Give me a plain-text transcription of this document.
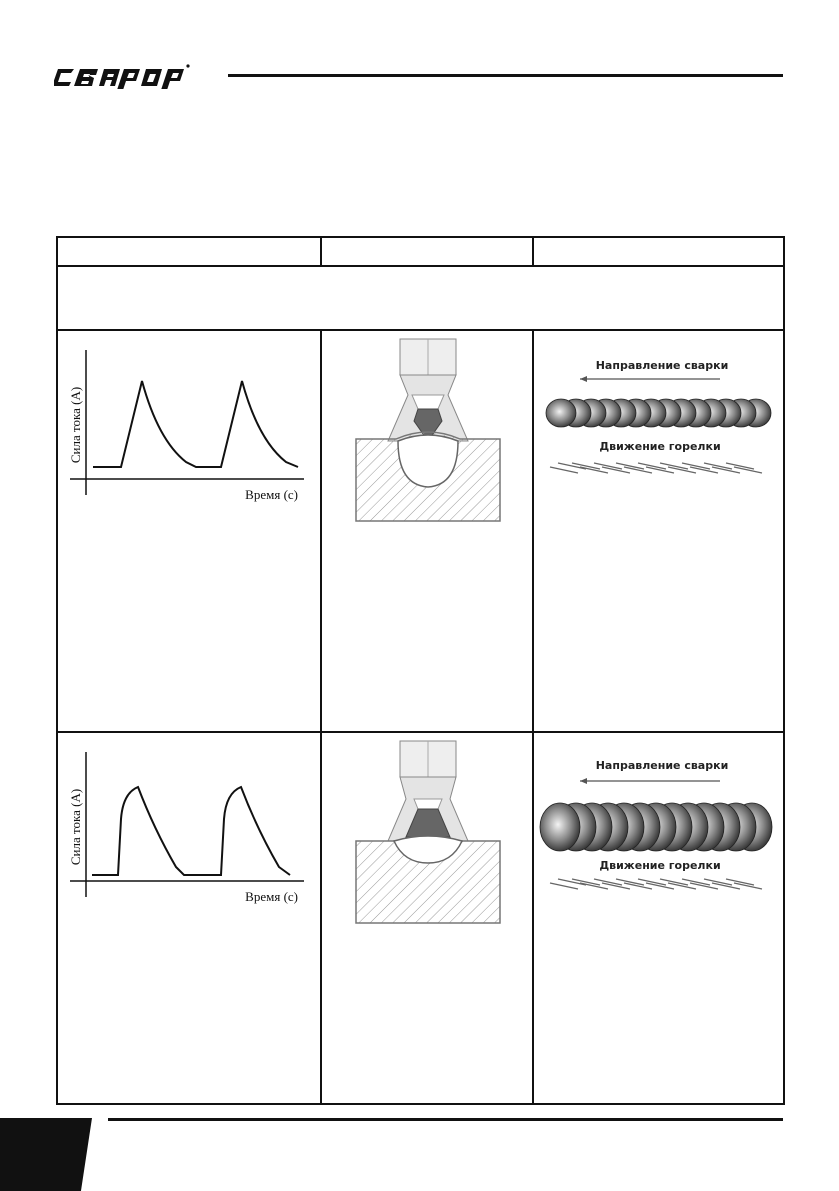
Сила тока (А)
Время (с)		Направление сварки
Движение горелки

Сила тока (А)
Время (с)		Направление сварки
Движение горелки
